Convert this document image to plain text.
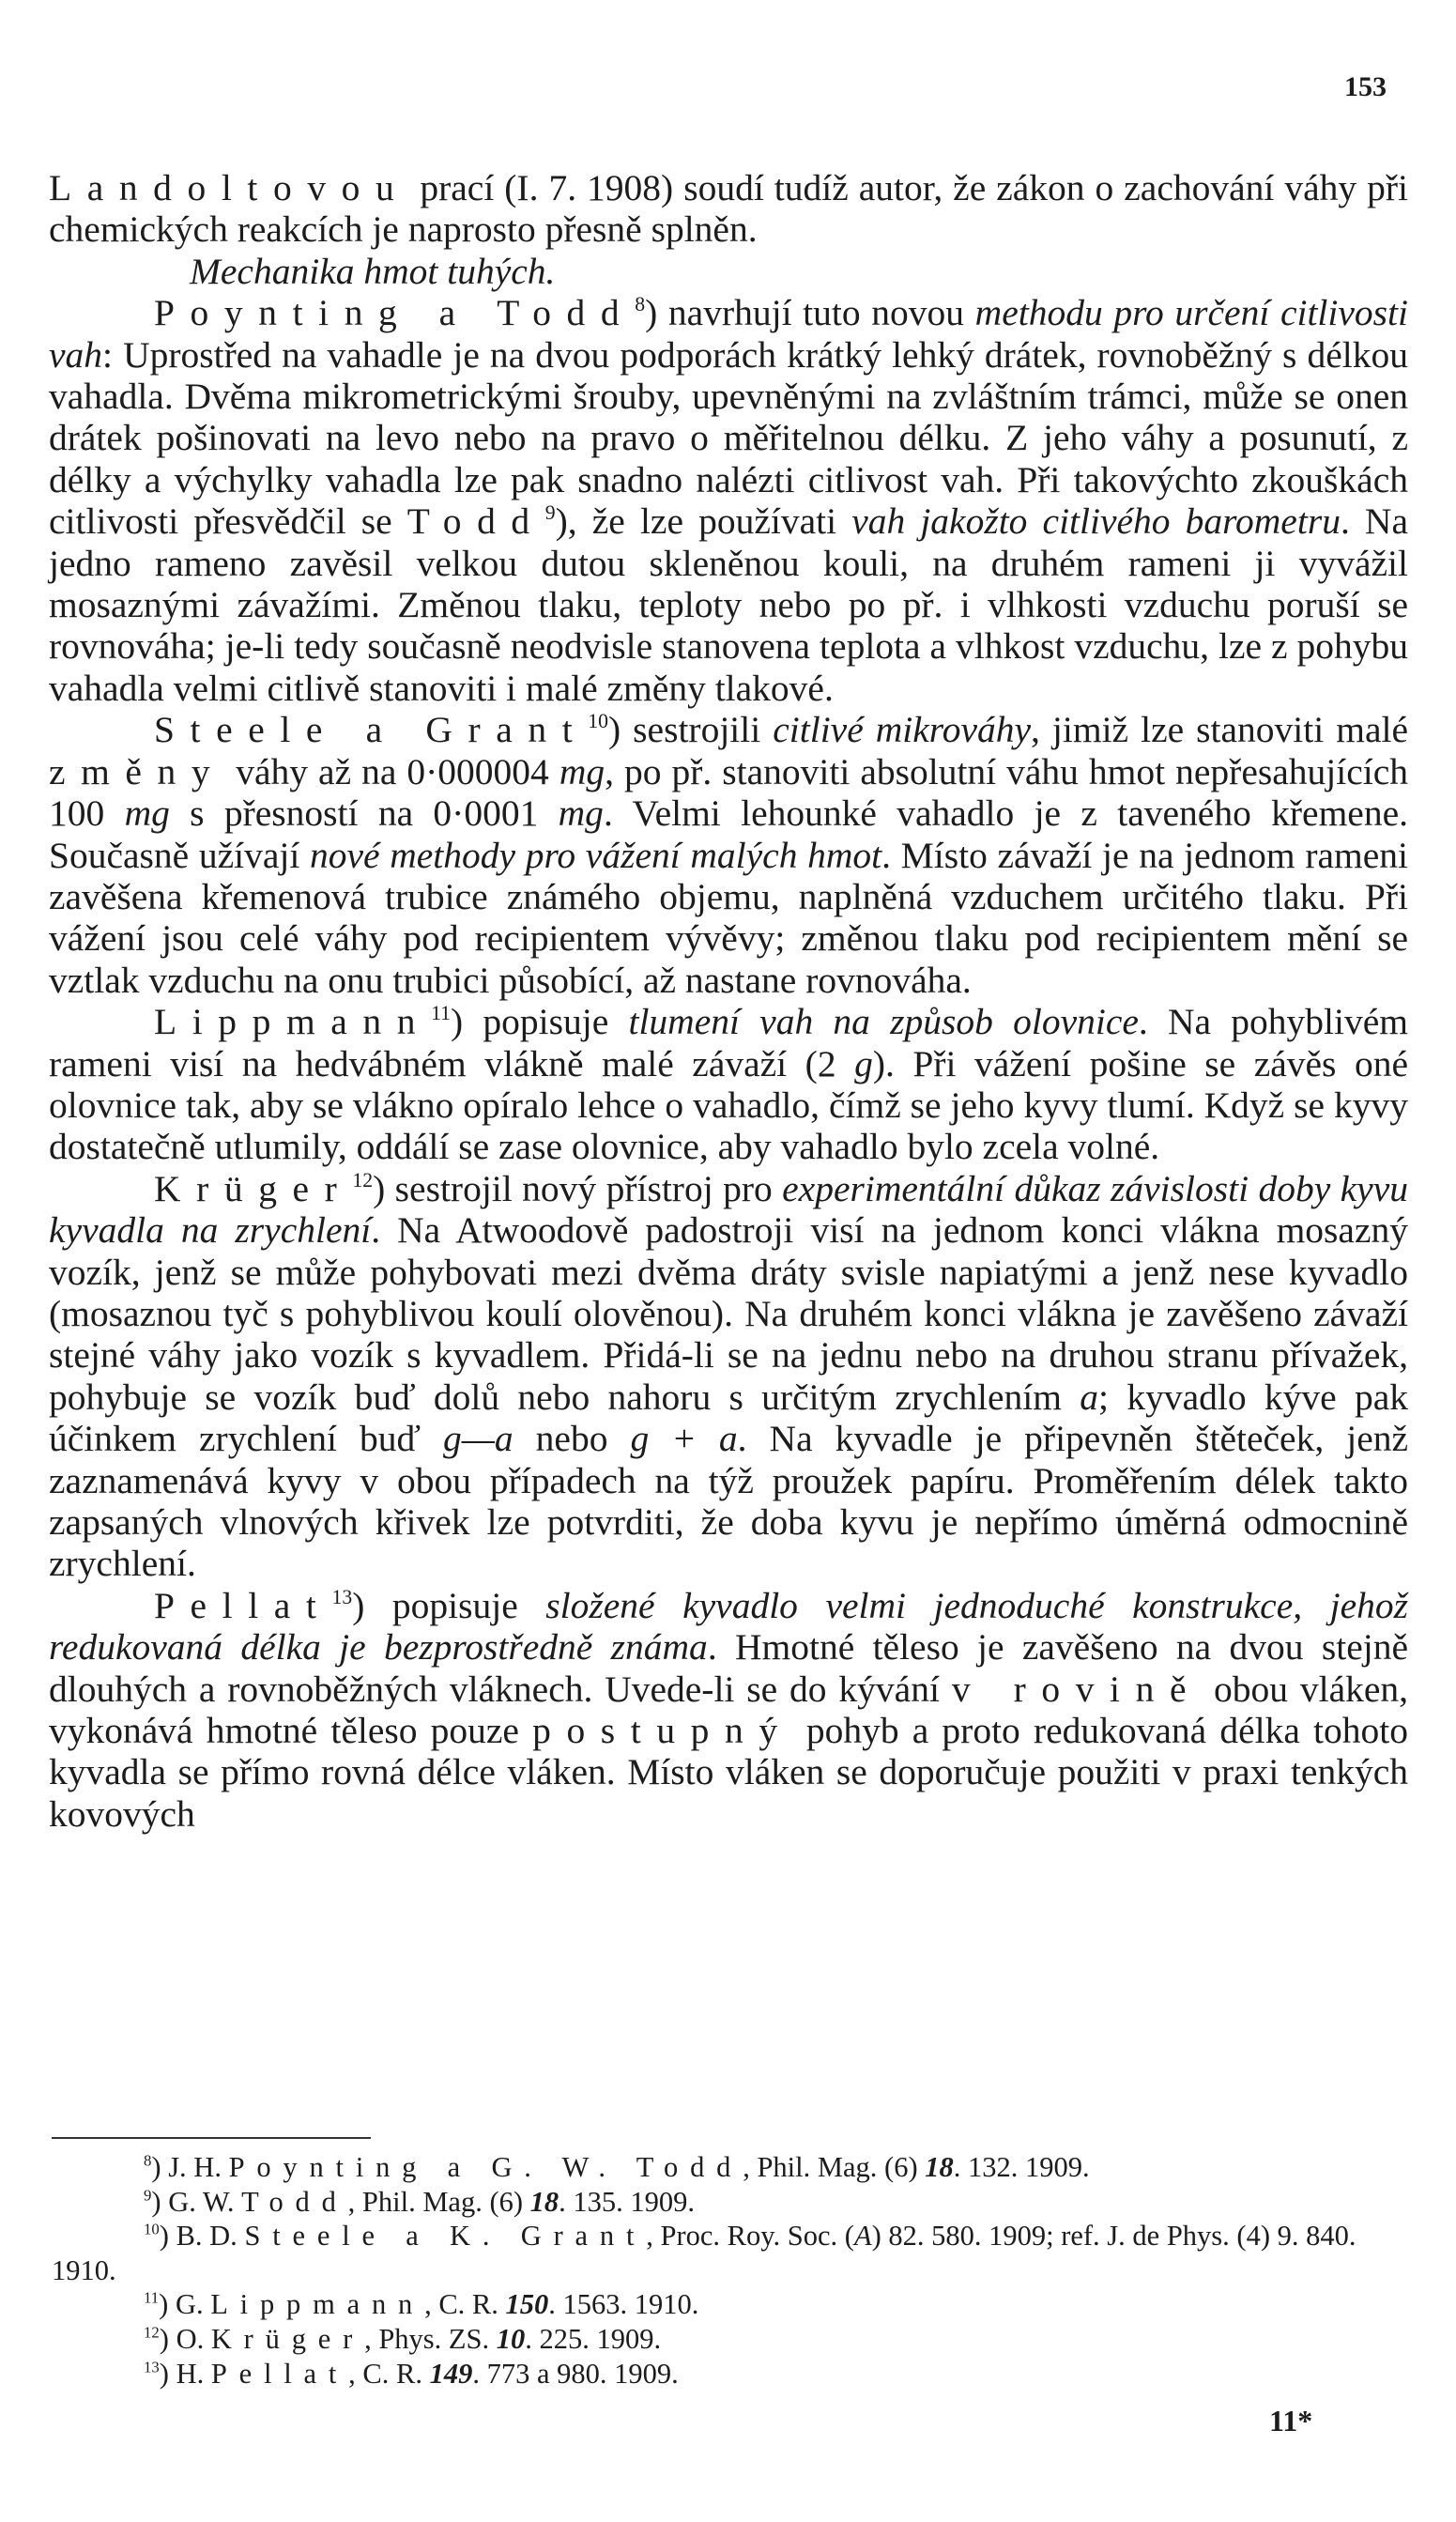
153

Landoltovou prací (I. 7. 1908) soudí tudíž autor, že zákon o zachování váhy při chemických reakcích je naprosto přesně splněn.

Mechanika hmot tuhých.

Poynting a Todd$^8$) navrhují tuto novou methodu pro určení citlivosti vah: Uprostřed na vahadle je na dvou podporách krátký lehký drátek, rovnoběžný s délkou vahadla. Dvěma mikrometrickými šrouby, upevněnými na zvláštním trámci, může se onen drátek pošinovati na levo nebo na pravo o měřitelnou délku. Z jeho váhy a posunutí, z délky a výchylky vahadla lze pak snadno nalézti citlivost vah. Při takovýchto zkouškách citlivosti přesvědčil se Todd$^9$), že lze používati vah jakožto citlivého barometru. Na jedno rameno zavěsil velkou dutou skleněnou kouli, na druhém rameni ji vyvážil mosaznými závažími. Změnou tlaku, teploty nebo po př. i vlhkosti vzduchu poruší se rovnováha; je-li tedy současně neodvisle stanovena teplota a vlhkost vzduchu, lze z pohybu vahadla velmi citlivě stanoviti i malé změny tlakové.

Steele a Grant$^{10}$) sestrojili citlivé mikrováhy, jimiž lze stanoviti malé změny váhy až na 0·000004 mg, po př. stanoviti absolutní váhu hmot nepřesahujících 100 mg s přesností na 0·0001 mg. Velmi lehounké vahadlo je z taveného křemene. Současně užívají nové methody pro vážení malých hmot. Místo závaží je na jednom rameni zavěšena křemenová trubice známého objemu, naplněná vzduchem určitého tlaku. Při vážení jsou celé váhy pod recipientem vývěvy; změnou tlaku pod recipientem mění se vztlak vzduchu na onu trubici působící, až nastane rovnováha.

Lippmann$^{11}$) popisuje tlumení vah na způsob olovnice. Na pohyblivém rameni visí na hedvábném vlákně malé závaží (2 g). Při vážení pošine se závěs oné olovnice tak, aby se vlákno opíralo lehce o vahadlo, čímž se jeho kyvy tlumí. Když se kyvy dostatečně utlumily, oddálí se zase olovnice, aby vahadlo bylo zcela volné.

Krüger$^{12}$) sestrojil nový přístroj pro experimentální důkaz závislosti doby kyvu kyvadla na zrychlení. Na Atwoodově padostroji visí na jednom konci vlákna mosazný vozík, jenž se může pohybovati mezi dvěma dráty svisle napiatými a jenž nese kyvadlo (mosaznou tyč s pohyblivou koulí olověnou). Na druhém konci vlákna je zavěšeno závaží stejné váhy jako vozík s kyvadlem. Přidá-li se na jednu nebo na druhou stranu přívažek, pohybuje se vozík buď dolů nebo nahoru s určitým zrychlením a; kyvadlo kýve pak účinkem zrychlení buď g—a nebo g + a. Na kyvadle je připevněn štěteček, jenž zaznamenává kyvy v obou případech na týž proužek papíru. Proměřením délek takto zapsaných vlnových křivek lze potvrditi, že doba kyvu je nepřímo úměrná odmocnině zrychlení.

Pellat$^{13}$) popisuje složené kyvadlo velmi jednoduché konstrukce, jehož redukovaná délka je bezprostředně známa. Hmotné těleso je zavěšeno na dvou stejně dlouhých a rovnoběžných vláknech. Uvede-li se do kývání v rovině obou vláken, vykonává hmotné těleso pouze postupný pohyb a proto redukovaná délka tohoto kyvadla se přímo rovná délce vláken. Místo vláken se doporučuje použiti v praxi tenkých kovových

$^8$) J. H. Poynting a G. W. Todd, Phil. Mag. (6) 18. 132. 1909.

$^9$) G. W. Todd, Phil. Mag. (6) 18. 135. 1909.

$^{10}$) B. D. Steele a K. Grant, Proc. Roy. Soc. (A) 82. 580. 1909; ref. J. de Phys. (4) 9. 840. 1910.

$^{11}$) G. Lippmann, C. R. 150. 1563. 1910.

$^{12}$) O. Krüger, Phys. ZS. 10. 225. 1909.

$^{13}$) H. Pellat, C. R. 149. 773 a 980. 1909.

11*
